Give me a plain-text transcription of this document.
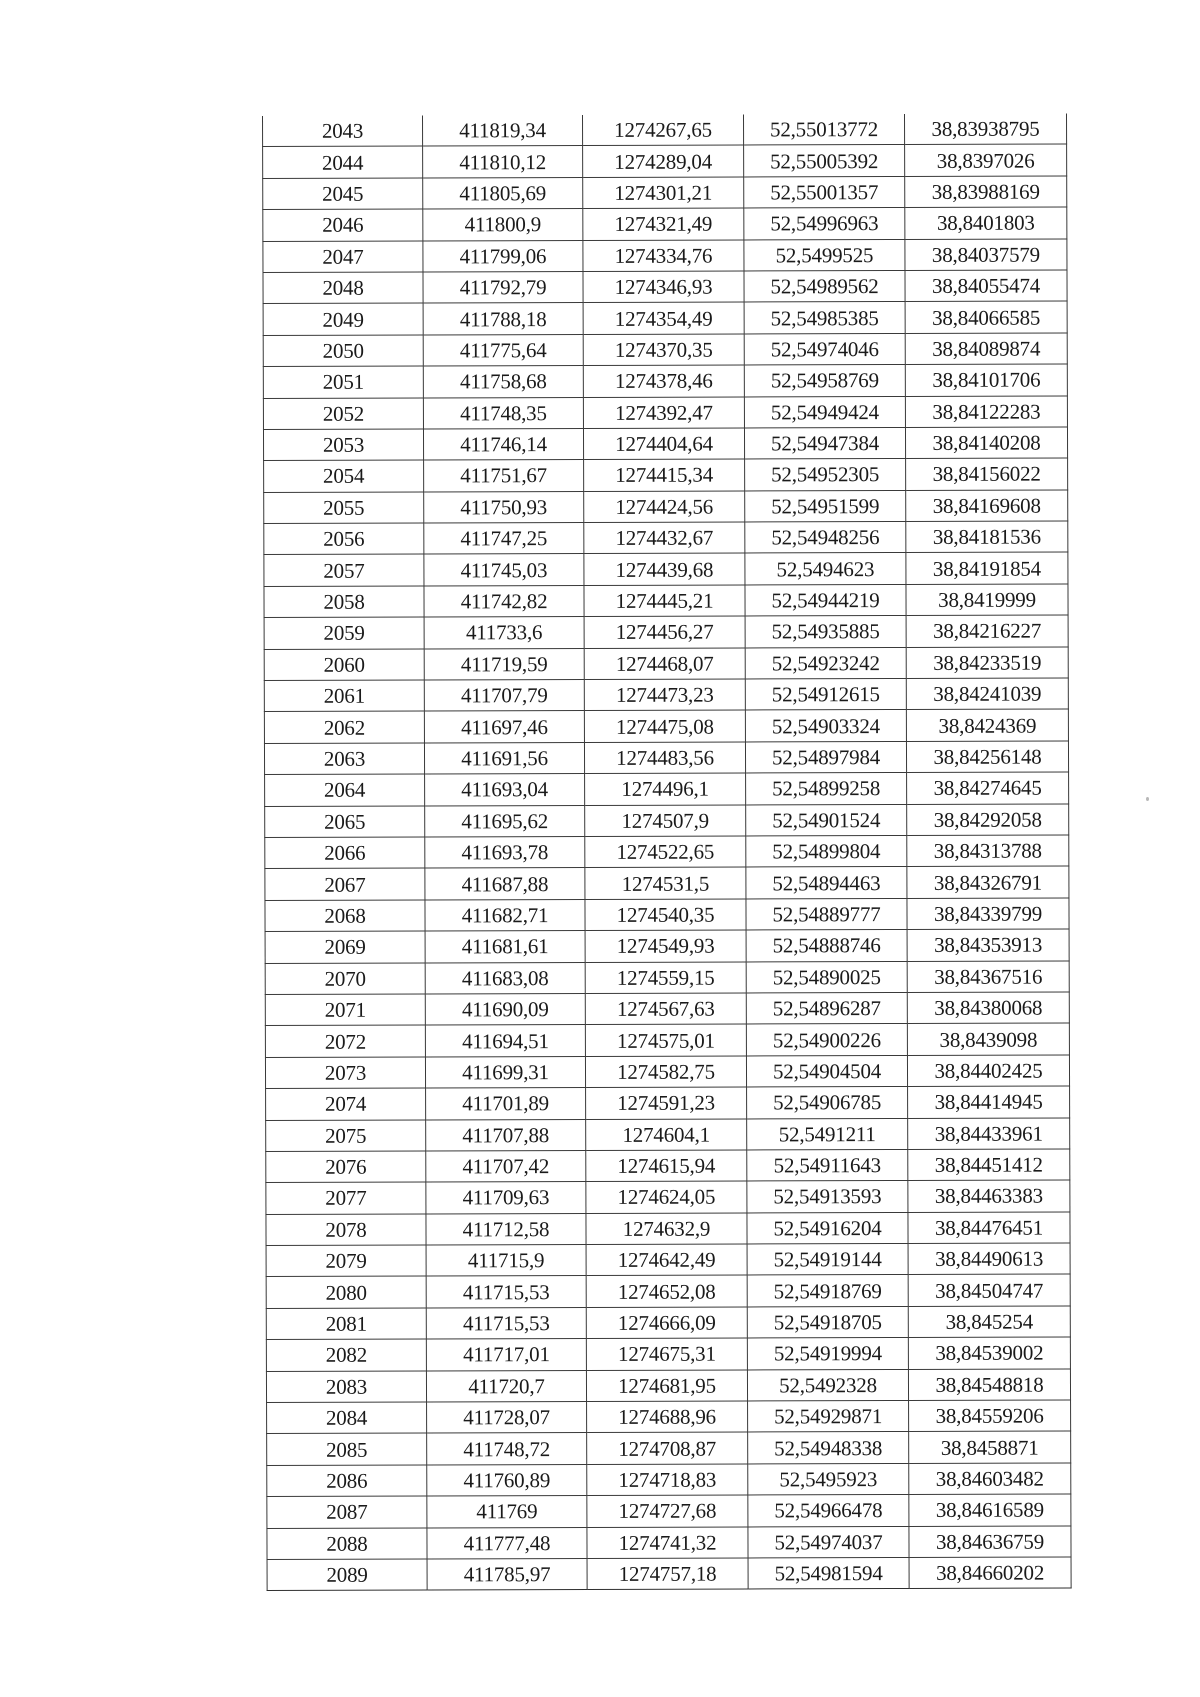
2043	411819,34	1274267,65	52,55013772	38,83938795
2044	411810,12	1274289,04	52,55005392	38,8397026
2045	411805,69	1274301,21	52,55001357	38,83988169
2046	411800,9	1274321,49	52,54996963	38,8401803
2047	411799,06	1274334,76	52,5499525	38,84037579
2048	411792,79	1274346,93	52,54989562	38,84055474
2049	411788,18	1274354,49	52,54985385	38,84066585
2050	411775,64	1274370,35	52,54974046	38,84089874
2051	411758,68	1274378,46	52,54958769	38,84101706
2052	411748,35	1274392,47	52,54949424	38,84122283
2053	411746,14	1274404,64	52,54947384	38,84140208
2054	411751,67	1274415,34	52,54952305	38,84156022
2055	411750,93	1274424,56	52,54951599	38,84169608
2056	411747,25	1274432,67	52,54948256	38,84181536
2057	411745,03	1274439,68	52,5494623	38,84191854
2058	411742,82	1274445,21	52,54944219	38,8419999
2059	411733,6	1274456,27	52,54935885	38,84216227
2060	411719,59	1274468,07	52,54923242	38,84233519
2061	411707,79	1274473,23	52,54912615	38,84241039
2062	411697,46	1274475,08	52,54903324	38,8424369
2063	411691,56	1274483,56	52,54897984	38,84256148
2064	411693,04	1274496,1	52,54899258	38,84274645
2065	411695,62	1274507,9	52,54901524	38,84292058
2066	411693,78	1274522,65	52,54899804	38,84313788
2067	411687,88	1274531,5	52,54894463	38,84326791
2068	411682,71	1274540,35	52,54889777	38,84339799
2069	411681,61	1274549,93	52,54888746	38,84353913
2070	411683,08	1274559,15	52,54890025	38,84367516
2071	411690,09	1274567,63	52,54896287	38,84380068
2072	411694,51	1274575,01	52,54900226	38,8439098
2073	411699,31	1274582,75	52,54904504	38,84402425
2074	411701,89	1274591,23	52,54906785	38,84414945
2075	411707,88	1274604,1	52,5491211	38,84433961
2076	411707,42	1274615,94	52,54911643	38,84451412
2077	411709,63	1274624,05	52,54913593	38,84463383
2078	411712,58	1274632,9	52,54916204	38,84476451
2079	411715,9	1274642,49	52,54919144	38,84490613
2080	411715,53	1274652,08	52,54918769	38,84504747
2081	411715,53	1274666,09	52,54918705	38,845254
2082	411717,01	1274675,31	52,54919994	38,84539002
2083	411720,7	1274681,95	52,5492328	38,84548818
2084	411728,07	1274688,96	52,54929871	38,84559206
2085	411748,72	1274708,87	52,54948338	38,8458871
2086	411760,89	1274718,83	52,5495923	38,84603482
2087	411769	1274727,68	52,54966478	38,84616589
2088	411777,48	1274741,32	52,54974037	38,84636759
2089	411785,97	1274757,18	52,54981594	38,84660202
